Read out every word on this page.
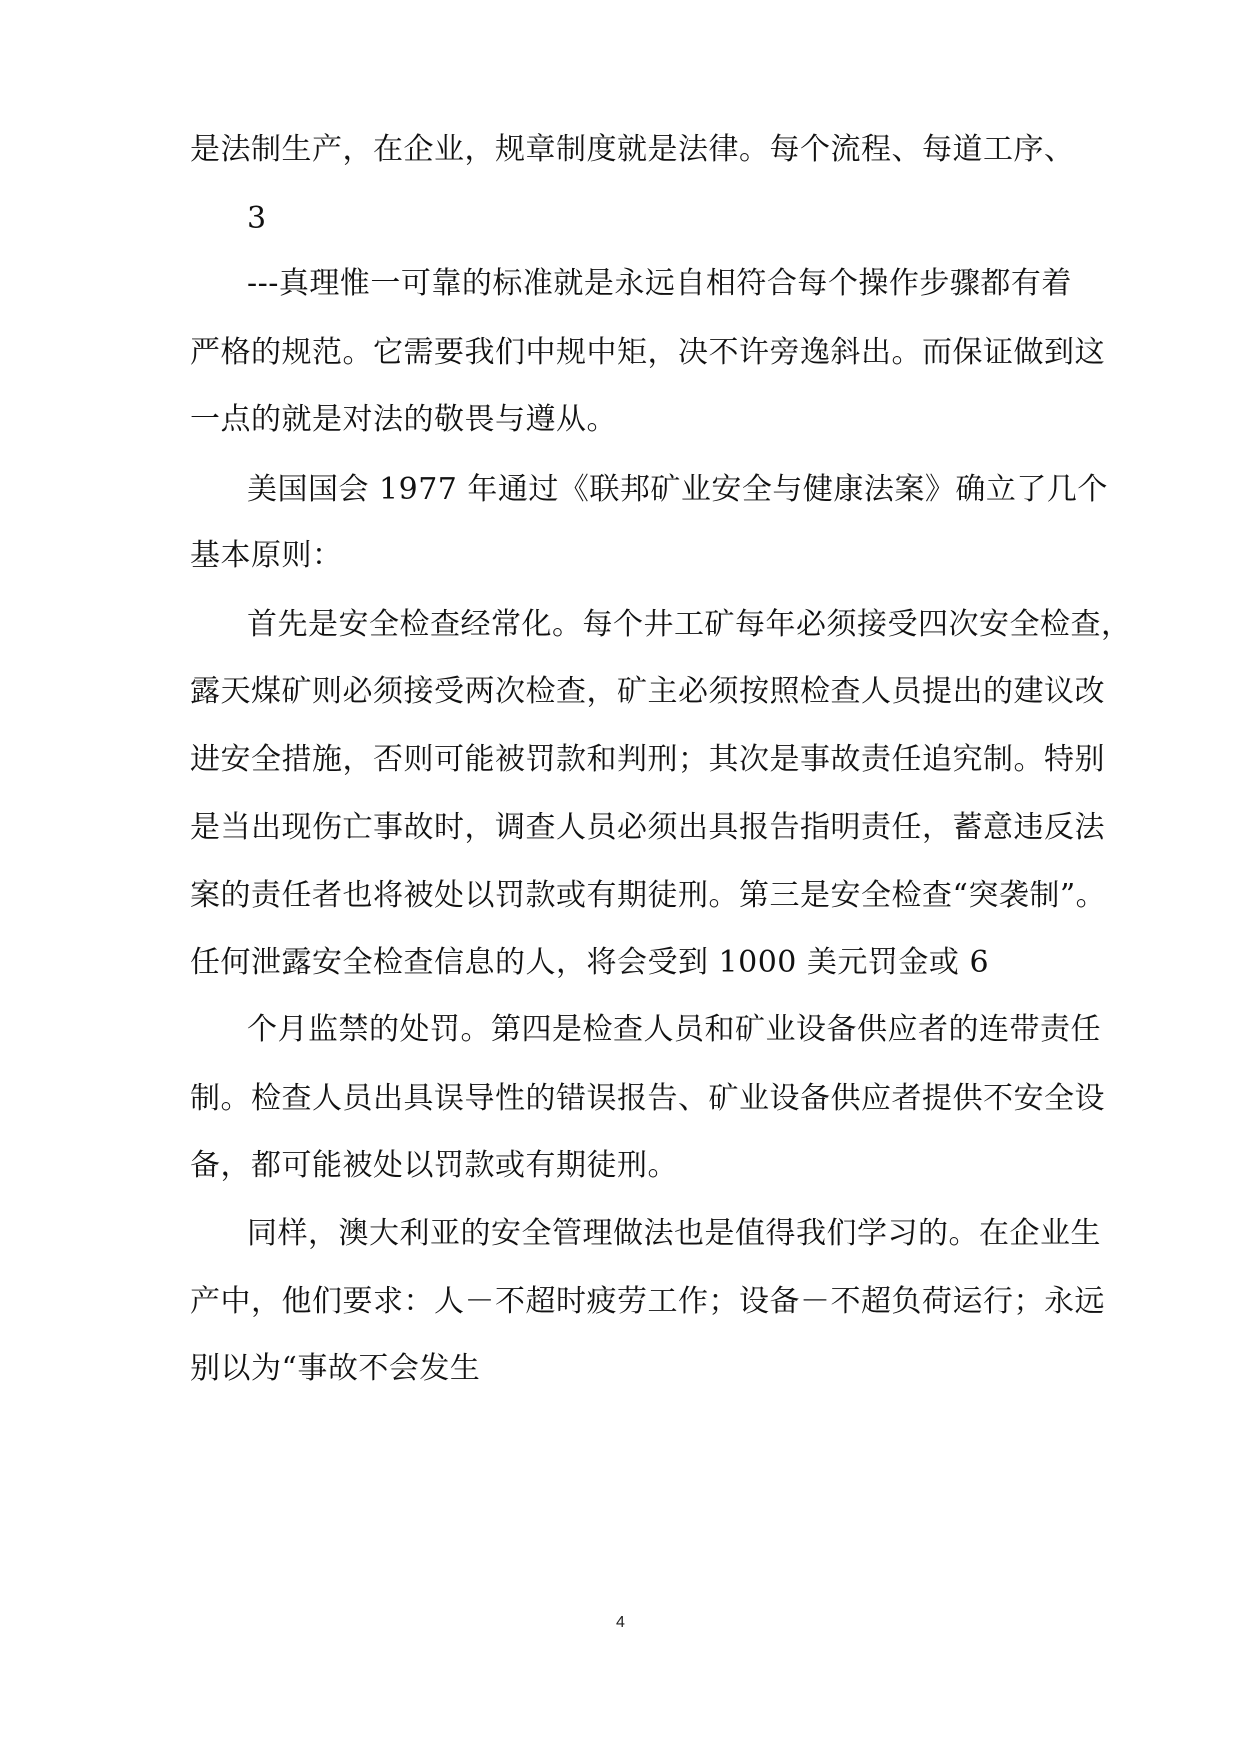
是法制生产，在企业，规章制度就是法律。每个流程、每道工序、
3
---真理惟一可靠的标准就是永远自相符合每个操作步骤都有着
严格的规范。它需要我们中规中矩，决不许旁逸斜出。而保证做到这
一点的就是对法的敬畏与遵从。
美国国会 1977 年通过《联邦矿业安全与健康法案》确立了几个
基本原则：
首先是安全检查经常化。每个井工矿每年必须接受四次安全检查，
露天煤矿则必须接受两次检查，矿主必须按照检查人员提出的建议改
进安全措施，否则可能被罚款和判刑；其次是事故责任追究制。特别
是当出现伤亡事故时，调查人员必须出具报告指明责任，蓄意违反法
案的责任者也将被处以罚款或有期徒刑。第三是安全检查“突袭制”。
任何泄露安全检查信息的人，将会受到 1000 美元罚金或 6
个月监禁的处罚。第四是检查人员和矿业设备供应者的连带责任
制。检查人员出具误导性的错误报告、矿业设备供应者提供不安全设
备，都可能被处以罚款或有期徒刑。
同样，澳大利亚的安全管理做法也是值得我们学习的。在企业生
产中，他们要求：人－不超时疲劳工作；设备－不超负荷运行；永远
别以为“事故不会发生
4
